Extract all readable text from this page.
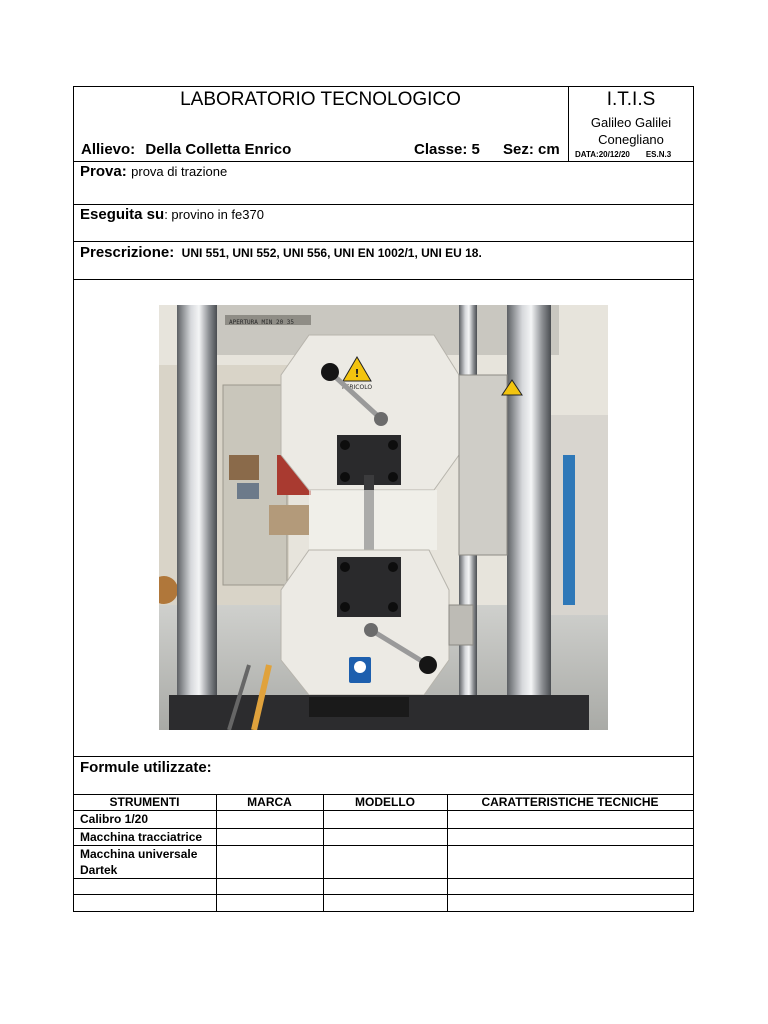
LABORATORIO TECNOLOGICO	I.T.I.S
Galileo Galilei
Conegliano
DATA:20/12/20 ES.N.3
Allievo: Della Colletta Enrico	Classe: 5 Sez: cm
Prova: prova di trazione
Eseguita su: provino in fe370
Prescrizione: UNI 551, UNI 552, UNI 556, UNI EN 1002/1, UNI EU 18.
APERTURA MIN 20 35
!
PERICOLO
Formule utilizzate:
STRUMENTI	MARCA	MODELLO	CARATTERISTICHE TECNICHE
Calibro 1/20
Macchina tracciatrice
Macchina universale Dartek
